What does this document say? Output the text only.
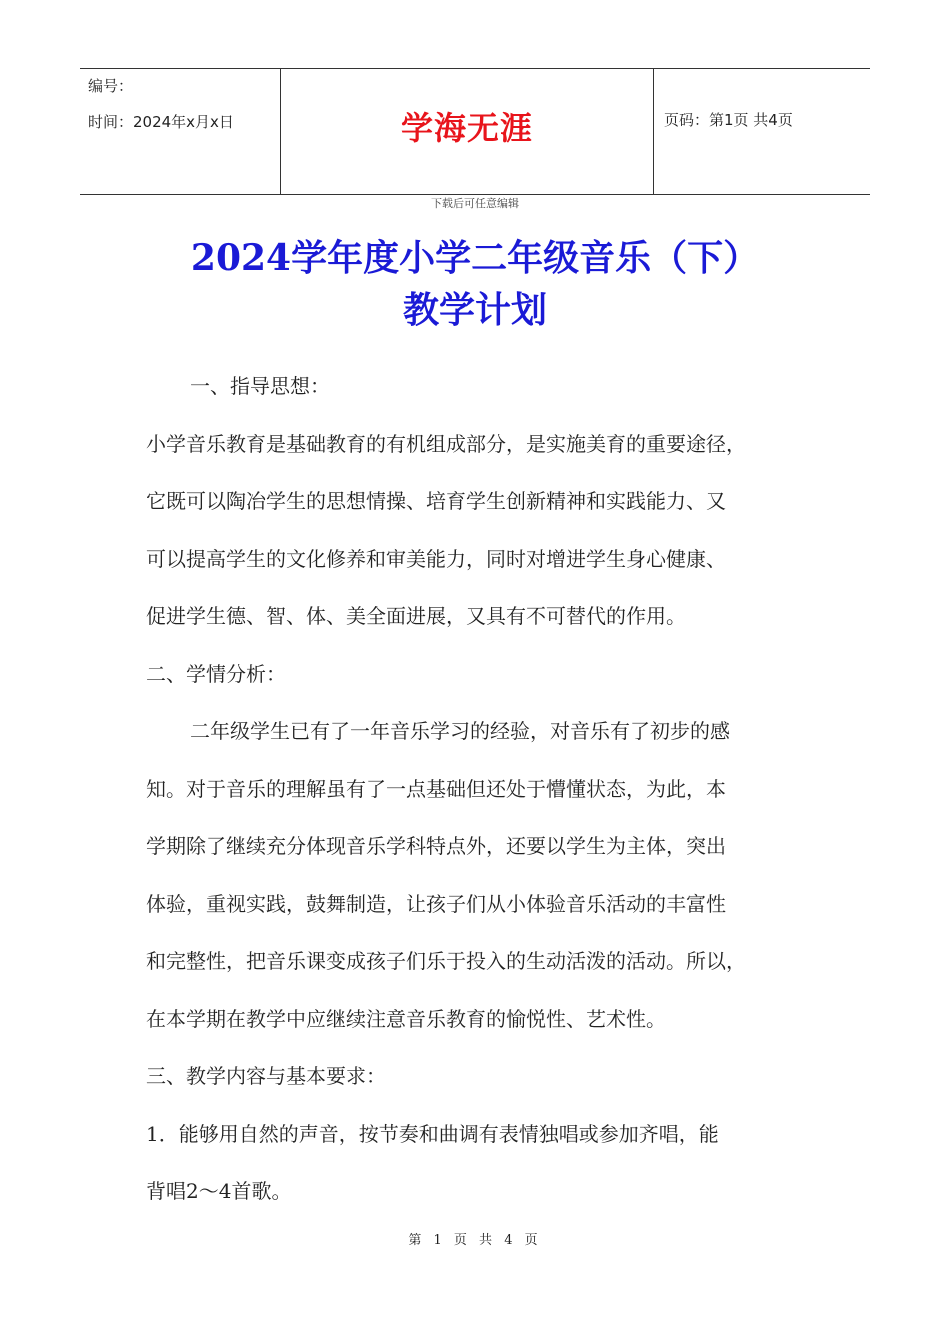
编号：
时间：2024年x月x日	学海无涯	页码：第1页 共4页
下载后可任意编辑
2024学年度小学二年级音乐（下）
教学计划

一、指导思想：

小学音乐教育是基础教育的有机组成部分，是实施美育的重要途径，

它既可以陶冶学生的思想情操、培育学生创新精神和实践能力、又

可以提高学生的文化修养和审美能力，同时对增进学生身心健康、

促进学生德、智、体、美全面进展，又具有不可替代的作用。

二、学情分析：

二年级学生已有了一年音乐学习的经验，对音乐有了初步的感

知。对于音乐的理解虽有了一点基础但还处于懵懂状态，为此，本

学期除了继续充分体现音乐学科特点外，还要以学生为主体，突出

体验，重视实践，鼓舞制造，让孩子们从小体验音乐活动的丰富性

和完整性，把音乐课变成孩子们乐于投入的生动活泼的活动。所以，

在本学期在教学中应继续注意音乐教育的愉悦性、艺术性。

三、教学内容与基本要求：

1．能够用自然的声音，按节奏和曲调有表情独唱或参加齐唱，能

背唱2～4首歌。

第 1 页 共 4 页
